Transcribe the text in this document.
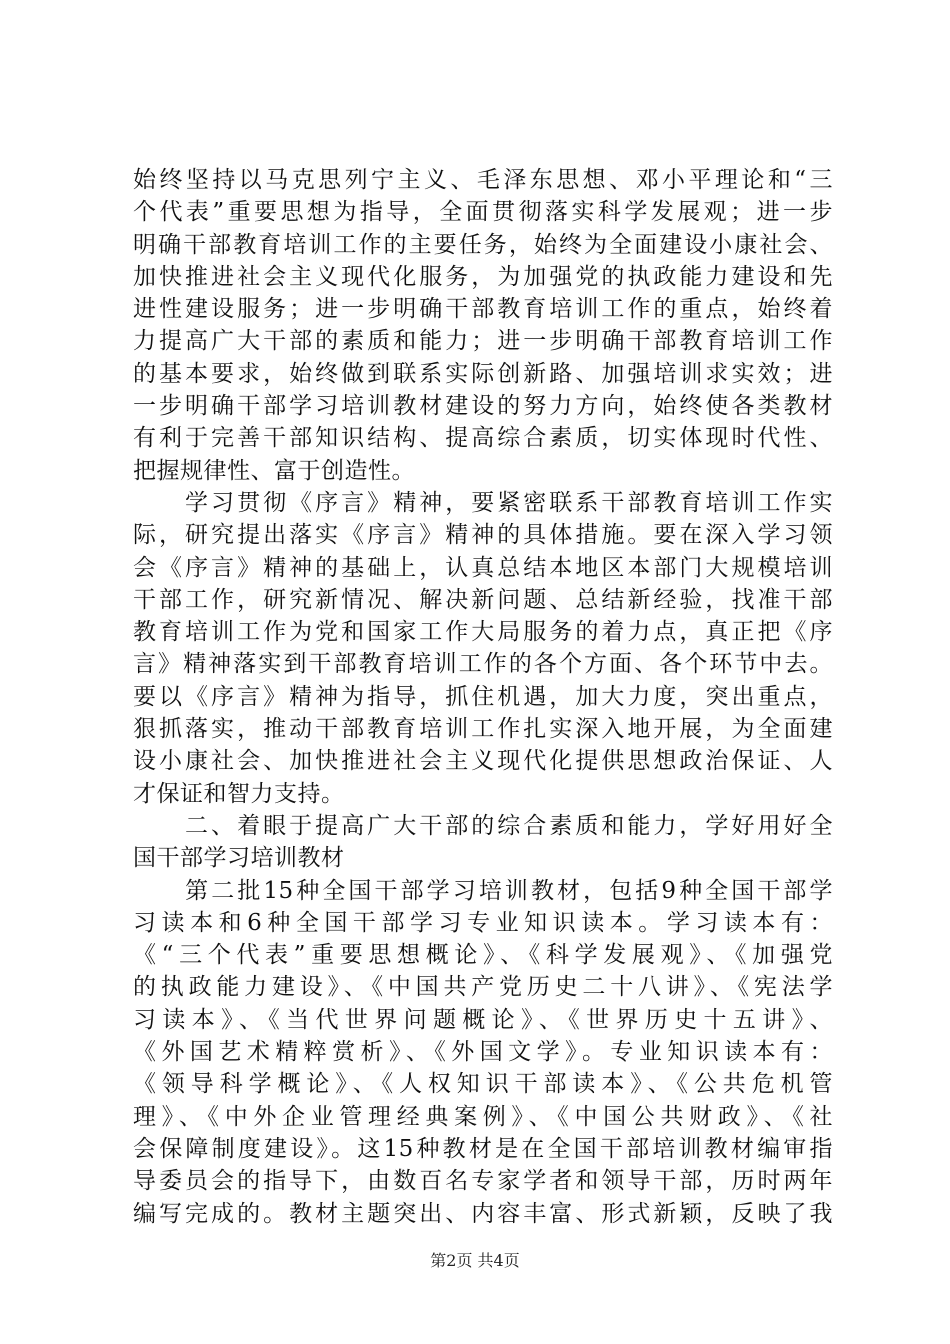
始终坚持以马克思列宁主义、毛泽东思想、邓小平理论和“三
个代表”重要思想为指导，全面贯彻落实科学发展观；进一步
明确干部教育培训工作的主要任务，始终为全面建设小康社会、
加快推进社会主义现代化服务，为加强党的执政能力建设和先
进性建设服务；进一步明确干部教育培训工作的重点，始终着
力提高广大干部的素质和能力；进一步明确干部教育培训工作
的基本要求，始终做到联系实际创新路、加强培训求实效；进
一步明确干部学习培训教材建设的努力方向，始终使各类教材
有利于完善干部知识结构、提高综合素质，切实体现时代性、
把握规律性、富于创造性。
　　学习贯彻《序言》精神，要紧密联系干部教育培训工作实
际，研究提出落实《序言》精神的具体措施。要在深入学习领
会《序言》精神的基础上，认真总结本地区本部门大规模培训
干部工作，研究新情况、解决新问题、总结新经验，找准干部
教育培训工作为党和国家工作大局服务的着力点，真正把《序
言》精神落实到干部教育培训工作的各个方面、各个环节中去。
要以《序言》精神为指导，抓住机遇，加大力度，突出重点，
狠抓落实，推动干部教育培训工作扎实深入地开展，为全面建
设小康社会、加快推进社会主义现代化提供思想政治保证、人
才保证和智力支持。
　　二、着眼于提高广大干部的综合素质和能力，学好用好全
国干部学习培训教材
　　第二批15种全国干部学习培训教材，包括9种全国干部学
习读本和6种全国干部学习专业知识读本。学习读本有：
《“三个代表”重要思想概论》、《科学发展观》、《加强党
的执政能力建设》、《中国共产党历史二十八讲》、《宪法学
习读本》、《当代世界问题概论》、《世界历史十五讲》、
《外国艺术精粹赏析》、《外国文学》。专业知识读本有：
《领导科学概论》、《人权知识干部读本》、《公共危机管
理》、《中外企业管理经典案例》、《中国公共财政》、《社
会保障制度建设》。这15种教材是在全国干部培训教材编审指
导委员会的指导下，由数百名专家学者和领导干部，历时两年
编写完成的。教材主题突出、内容丰富、形式新颖，反映了我
第2页 共4页
